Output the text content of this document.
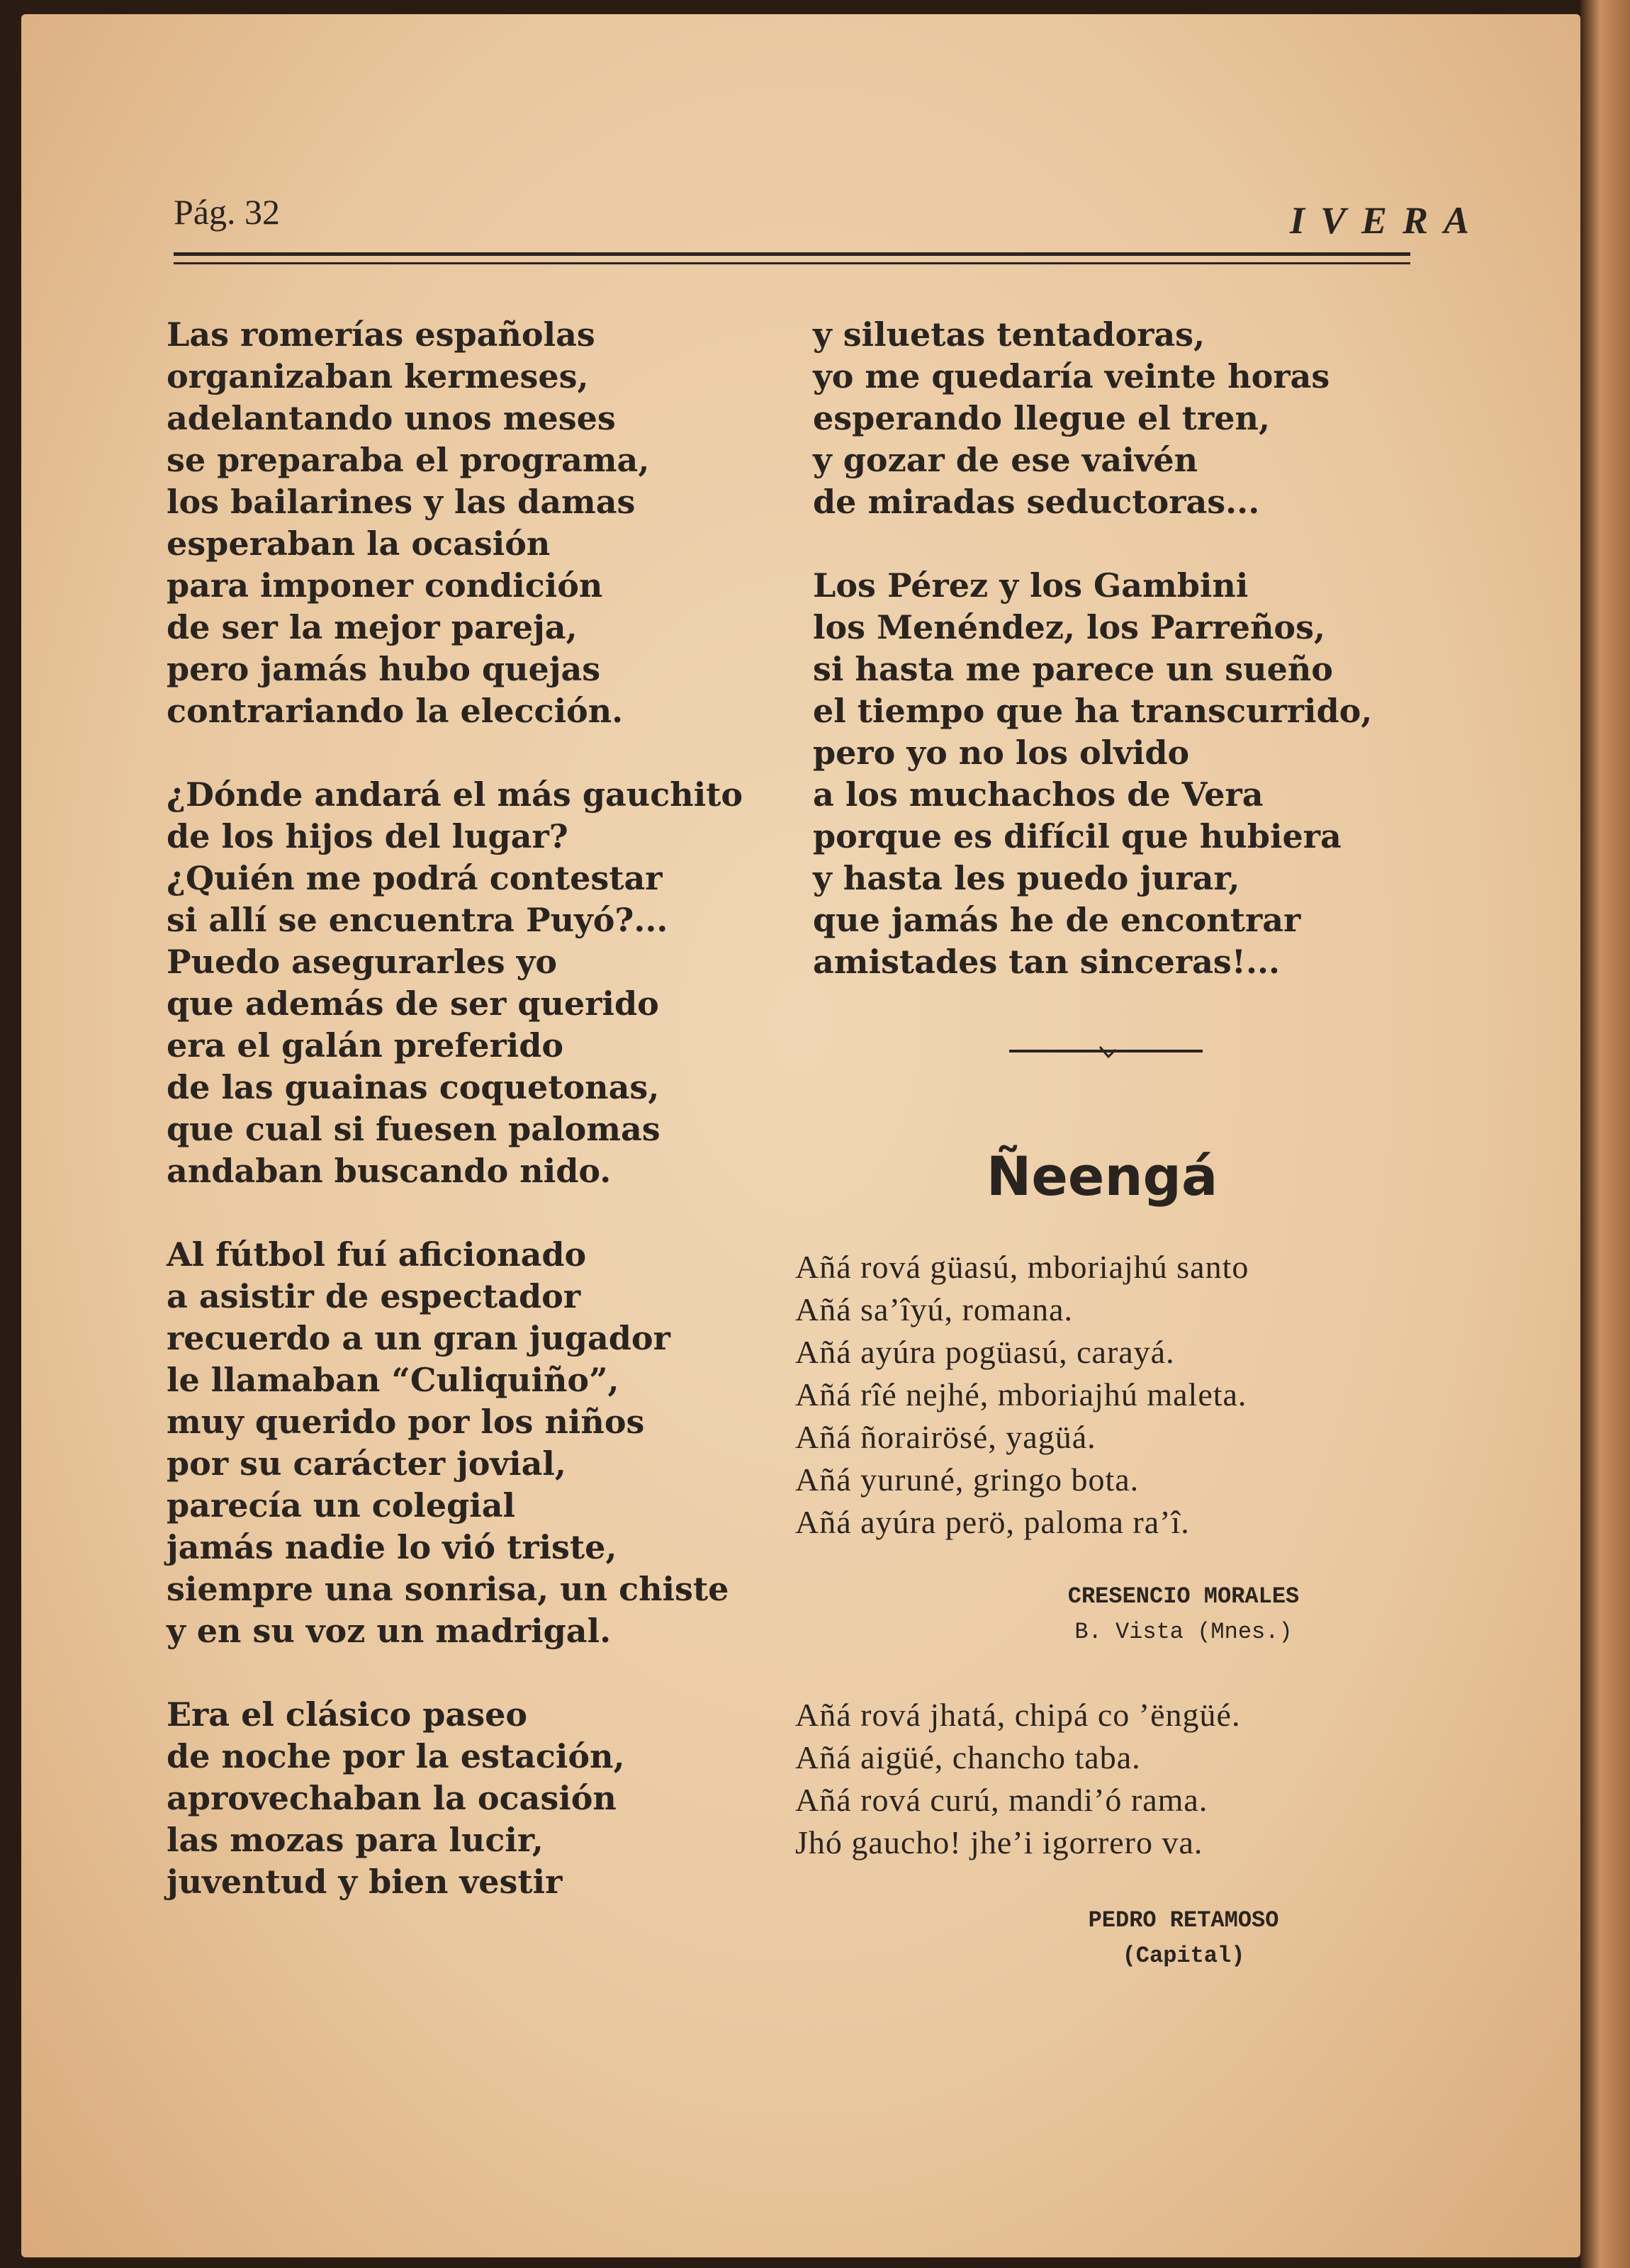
Pág. 32	IVERA
Las romerías españolas
organizaban kermeses,
adelantando unos meses
se preparaba el programa,
los bailarines y las damas
esperaban la ocasión
para imponer condición
de ser la mejor pareja,
pero jamás hubo quejas
contrariando la elección.
¿Dónde andará el más gauchito
de los hijos del lugar?
¿Quién me podrá contestar
si allí se encuentra Puyó?...
Puedo asegurarles yo
que además de ser querido
era el galán preferido
de las guainas coquetonas,
que cual si fuesen palomas
andaban buscando nido.
Al fútbol fuí aficionado
a asistir de espectador
recuerdo a un gran jugador
le llamaban “Culiquiño”,
muy querido por los niños
por su carácter jovial,
parecía un colegial
jamás nadie lo vió triste,
siempre una sonrisa, un chiste
y en su voz un madrigal.
Era el clásico paseo
de noche por la estación,
aprovechaban la ocasión
las mozas para lucir,
juventud y bien vestir
y siluetas tentadoras,
yo me quedaría veinte horas
esperando llegue el tren,
y gozar de ese vaivén
de miradas seductoras...
Los Pérez y los Gambini
los Menéndez, los Parreños,
si hasta me parece un sueño
el tiempo que ha transcurrido,
pero yo no los olvido
a los muchachos de Vera
porque es difícil que hubiera
y hasta les puedo jurar,
que jamás he de encontrar
amistades tan sinceras!...
Ñeengá
Añá rová güasú, mboriajhú santo
Añá sa’îyú, romana.
Añá ayúra pogüasú, carayá.
Añá rîé nejhé, mboriajhú maleta.
Añá ñorairösé, yagüá.
Añá yuruné, gringo bota.
Añá ayúra perö, paloma ra’î.
CRESENCIO MORALES
B. Vista (Mnes.)
Añá rová jhatá, chipá co ’ëngüé.
Añá aigüé, chancho taba.
Añá rová curú, mandi’ó rama.
Jhó gaucho! jhe’i igorrero va.
PEDRO RETAMOSO
(Capital)
